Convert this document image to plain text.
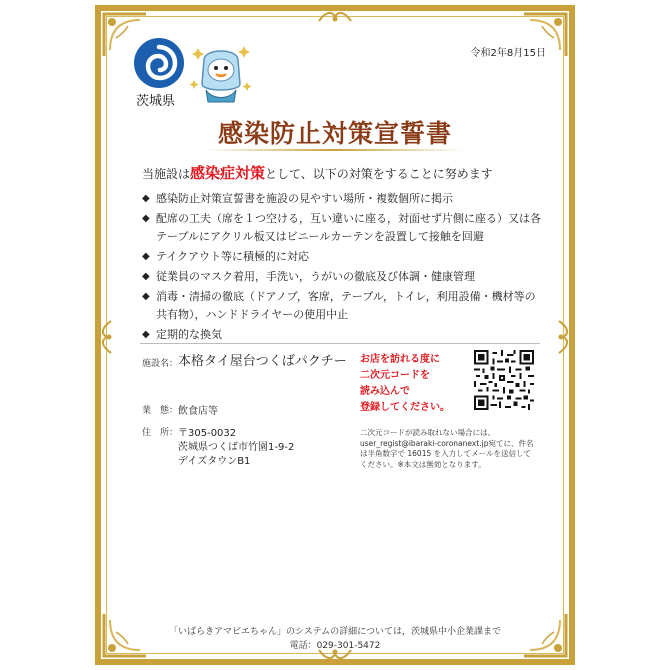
茨城県
令和2年8月15日
感染防止対策宣誓書
当施設は感染症対策として、以下の対策をすることに努めます
◆ 感染防止対策宣誓書を施設の見やすい場所・複数個所に掲示
◆ 配席の工夫（席を１つ空ける，互い違いに座る，対面せず片側に座る）又は各テーブルにアクリル板又はビニールカーテンを設置して接触を回避
◆ テイクアウト等に積極的に対応
◆ 従業員のマスク着用，手洗い，うがいの徹底及び体調・健康管理
◆ 消毒・清掃の徹底（ドアノブ，客席，テーブル，トイレ，利用設備・機材等の共有物），ハンドドライヤーの使用中止
◆ 定期的な換気
施設名： 本格タイ屋台つくばパクチー
業　態： 飲食店等
住　所： 〒305-0032
茨城県つくば市竹園1-9-2
デイズタウンB1
お店を訪れる度に
二次元コードを
読み込んで
登録してください。
二次元コードが読み取れない場合には、user_regist@ibaraki-coronanext.jp宛てに、件名は半角数字で 16015 を入力してメールを送信してください。※本文は無効となります。
「いばらきアマビエちゃん」のシステムの詳細については，茨城県中小企業課まで
電話：029-301-5472
